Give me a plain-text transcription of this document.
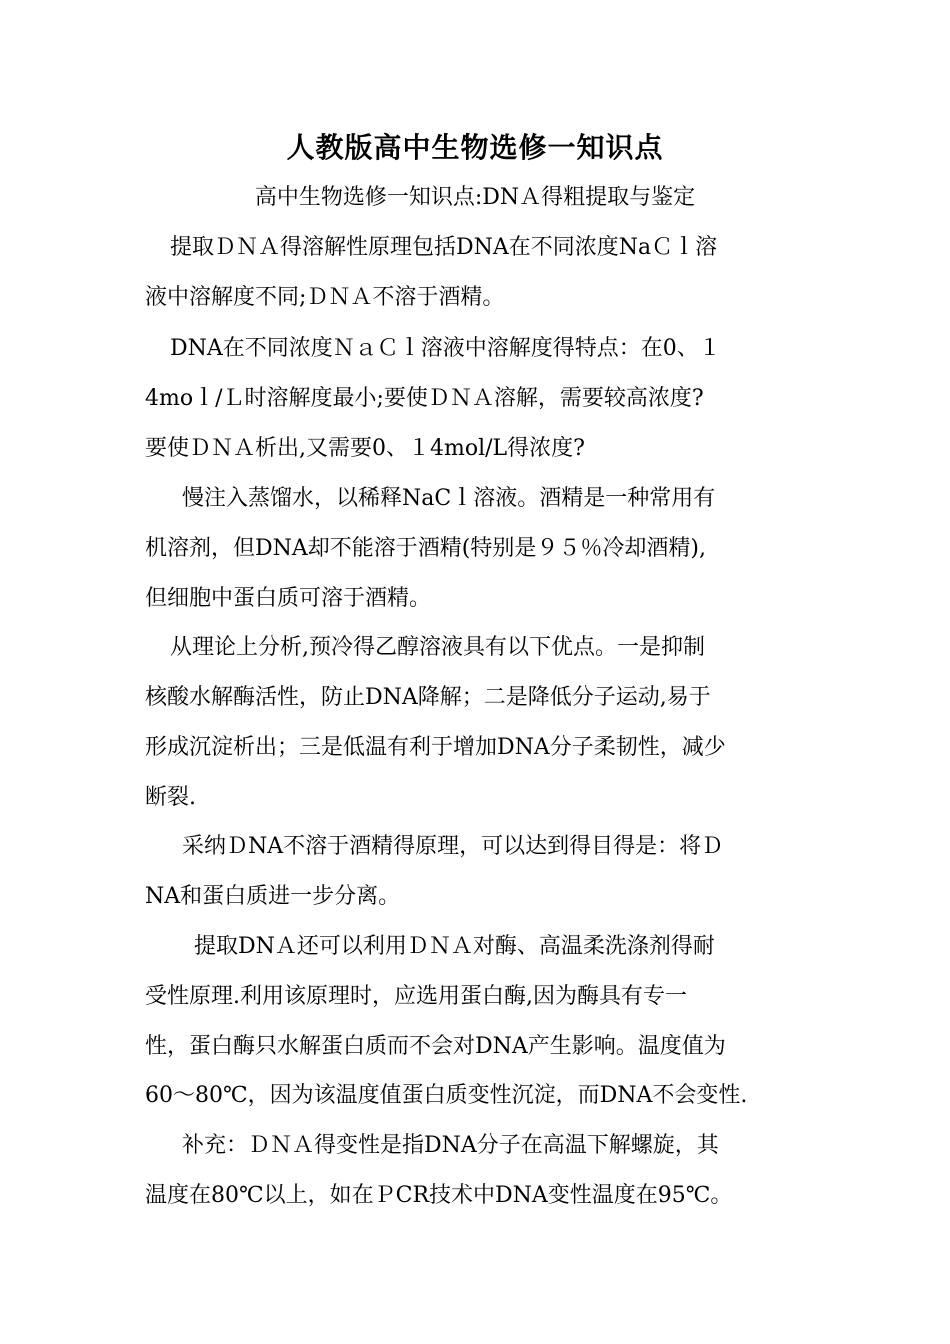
人教版高中生物选修一知识点
高中生物选修一知识点:DNＡ得粗提取与鉴定
提取ＤＮＡ得溶解性原理包括DNA在不同浓度NaＣｌ溶
液中溶解度不同;ＤＮＡ不溶于酒精。
DNA在不同浓度ＮａＣｌ溶液中溶解度得特点：在0、１
4moｌ/Ｌ时溶解度最小;要使ＤＮＡ溶解，需要较高浓度?
要使ＤＮＡ析出,又需要0、１4mol/L得浓度?
慢注入蒸馏水，以稀释NaCｌ溶液。酒精是一种常用有
机溶剂，但DNA却不能溶于酒精(特别是９５％冷却酒精),
但细胞中蛋白质可溶于酒精。
从理论上分析,预冷得乙醇溶液具有以下优点。一是抑制
核酸水解酶活性，防止DNA降解；二是降低分子运动,易于
形成沉淀析出；三是低温有利于增加DNA分子柔韧性，减少
断裂.
采纳ＤNA不溶于酒精得原理，可以达到得目得是：将Ｄ
NA和蛋白质进一步分离。
提取DNＡ还可以利用ＤＮＡ对酶、高温柔洗涤剂得耐
受性原理.利用该原理时，应选用蛋白酶,因为酶具有专一
性，蛋白酶只水解蛋白质而不会对DNA产生影响。温度值为
60～80℃，因为该温度值蛋白质变性沉淀，而DNA不会变性.
补充：ＤＮＡ得变性是指DNA分子在高温下解螺旋，其
温度在80℃以上，如在ＰCR技术中DNA变性温度在95℃。
